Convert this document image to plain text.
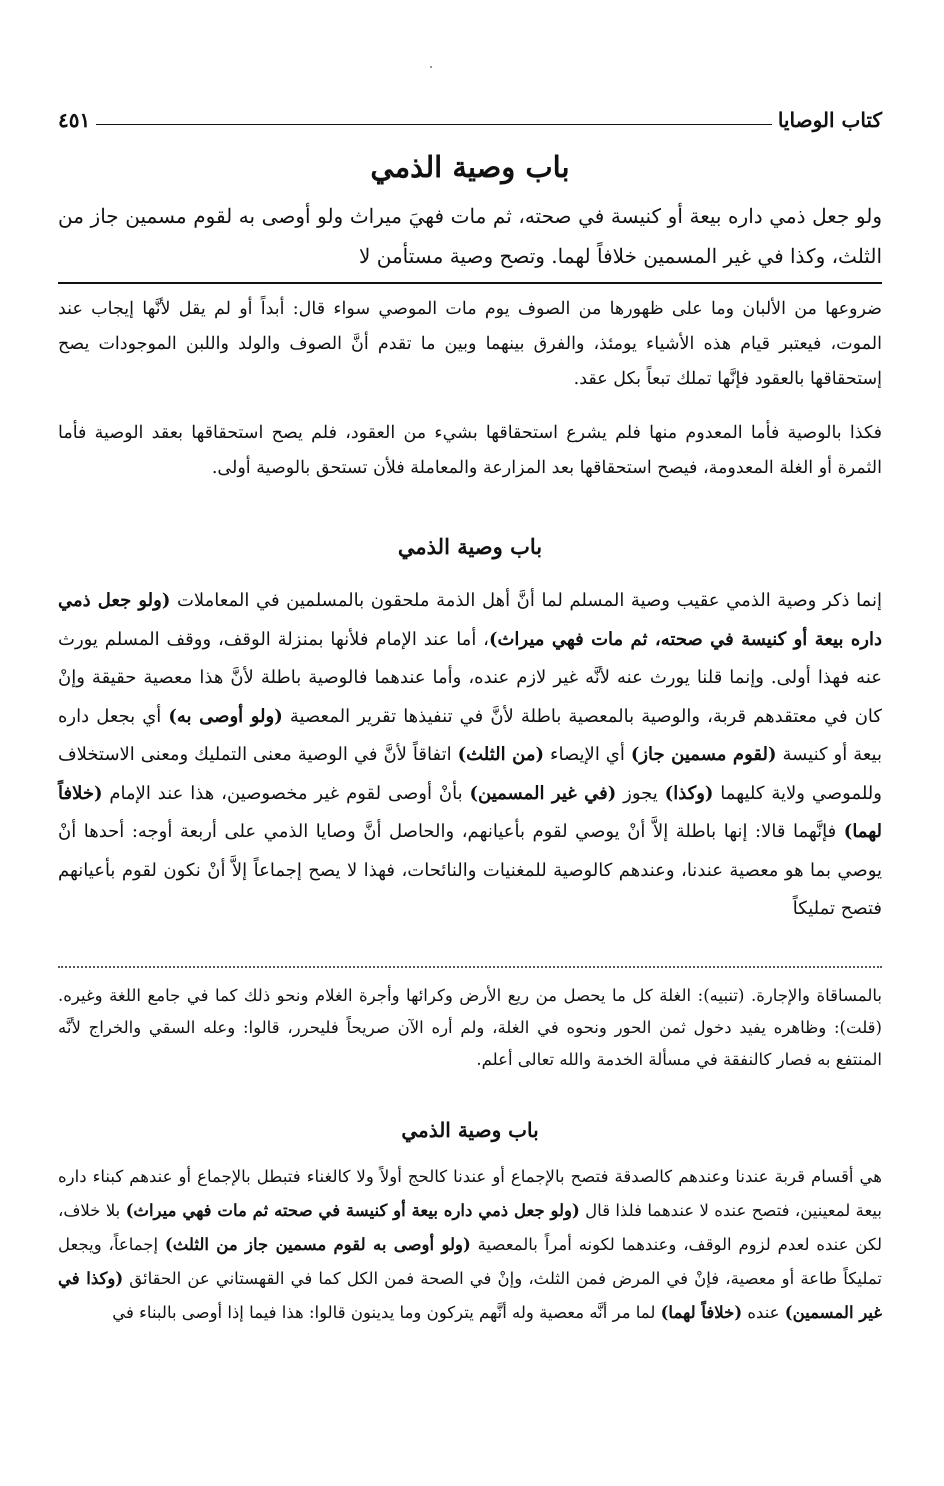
كتاب الوصايا
٤٥١
باب وصية الذمي

ولو جعل ذمي داره بيعة أو كنيسة في صحته، ثم مات فهيَ ميراث ولو أوصى به لقوم مسمين جاز من الثلث، وكذا في غير المسمين خلافاً لهما. وتصح وصية مستأمن لا

ضروعها من الألبان وما على ظهورها من الصوف يوم مات الموصي سواء قال: أبداً أو لم يقل لأنَّها إيجاب عند الموت، فيعتبر قيام هذه الأشياء يومئذ، والفرق بينهما وبين ما تقدم أنَّ الصوف والولد واللبن الموجودات يصح إستحقاقها بالعقود فإنَّها تملك تبعاً بكل عقد.

فكذا بالوصية فأما المعدوم منها فلم يشرع استحقاقها بشيء من العقود، فلم يصح استحقاقها بعقد الوصية فأما الثمرة أو الغلة المعدومة، فيصح استحقاقها بعد المزارعة والمعاملة فلأن تستحق بالوصية أولى.

باب وصية الذمي

إنما ذكر وصية الذمي عقيب وصية المسلم لما أنَّ أهل الذمة ملحقون بالمسلمين في المعاملات (ولو جعل ذمي داره بيعة أو كنيسة في صحته، ثم مات فهي ميراث)، أما عند الإمام فلأنها بمنزلة الوقف، ووقف المسلم يورث عنه فهذا أولى. وإنما قلنا يورث عنه لأنَّه غير لازم عنده، وأما عندهما فالوصية باطلة لأنَّ هذا معصية حقيقة وإنْ كان في معتقدهم قربة، والوصية بالمعصية باطلة لأنَّ في تنفيذها تقرير المعصية (ولو أوصى به) أي بجعل داره بيعة أو كنيسة (لقوم مسمين جاز) أي الإيصاء (من الثلث) اتفاقاً لأنَّ في الوصية معنى التمليك ومعنى الاستخلاف وللموصي ولاية كليهما (وكذا) يجوز (في غير المسمين) بأنْ أوصى لقوم غير مخصوصين، هذا عند الإمام (خلافاً لهما) فإنَّهما قالا: إنها باطلة إلاَّ أنْ يوصي لقوم بأعيانهم، والحاصل أنَّ وصايا الذمي على أربعة أوجه: أحدها أنْ يوصي بما هو معصية عندنا، وعندهم كالوصية للمغنيات والنائحات، فهذا لا يصح إجماعاً إلاَّ أنْ نكون لقوم بأعيانهم فتصح تمليكاً

بالمساقاة والإجارة. (تنبيه): الغلة كل ما يحصل من ريع الأرض وكرائها وأجرة الغلام ونحو ذلك كما في جامع اللغة وغيره. (قلت): وظاهره يفيد دخول ثمن الحور ونحوه في الغلة، ولم أره الآن صريحاً فليحرر، قالوا: وعله السقي والخراج لأنَّه المنتفع به فصار كالنفقة في مسألة الخدمة والله تعالى أعلم.

باب وصية الذمي

هي أقسام قربة عندنا وعندهم كالصدقة فتصح بالإجماع أو عندنا كالحج أولاً ولا كالغناء فتبطل بالإجماع أو عندهم كبناء داره بيعة لمعينين، فتصح عنده لا عندهما فلذا قال (ولو جعل ذمي داره بيعة أو كنيسة في صحته ثم مات فهي ميراث) بلا خلاف، لكن عنده لعدم لزوم الوقف، وعندهما لكونه أمراً بالمعصية (ولو أوصى به لقوم مسمين جاز من الثلث) إجماعاً، ويجعل تمليكاً طاعة أو معصية، فإنْ في المرض فمن الثلث، وإنْ في الصحة فمن الكل كما في القهستاني عن الحقائق (وكذا في غير المسمين) عنده (خلافاً لهما) لما مر أنَّه معصية وله أنَّهم يتركون وما يدينون قالوا: هذا فيما إذا أوصى بالبناء في
